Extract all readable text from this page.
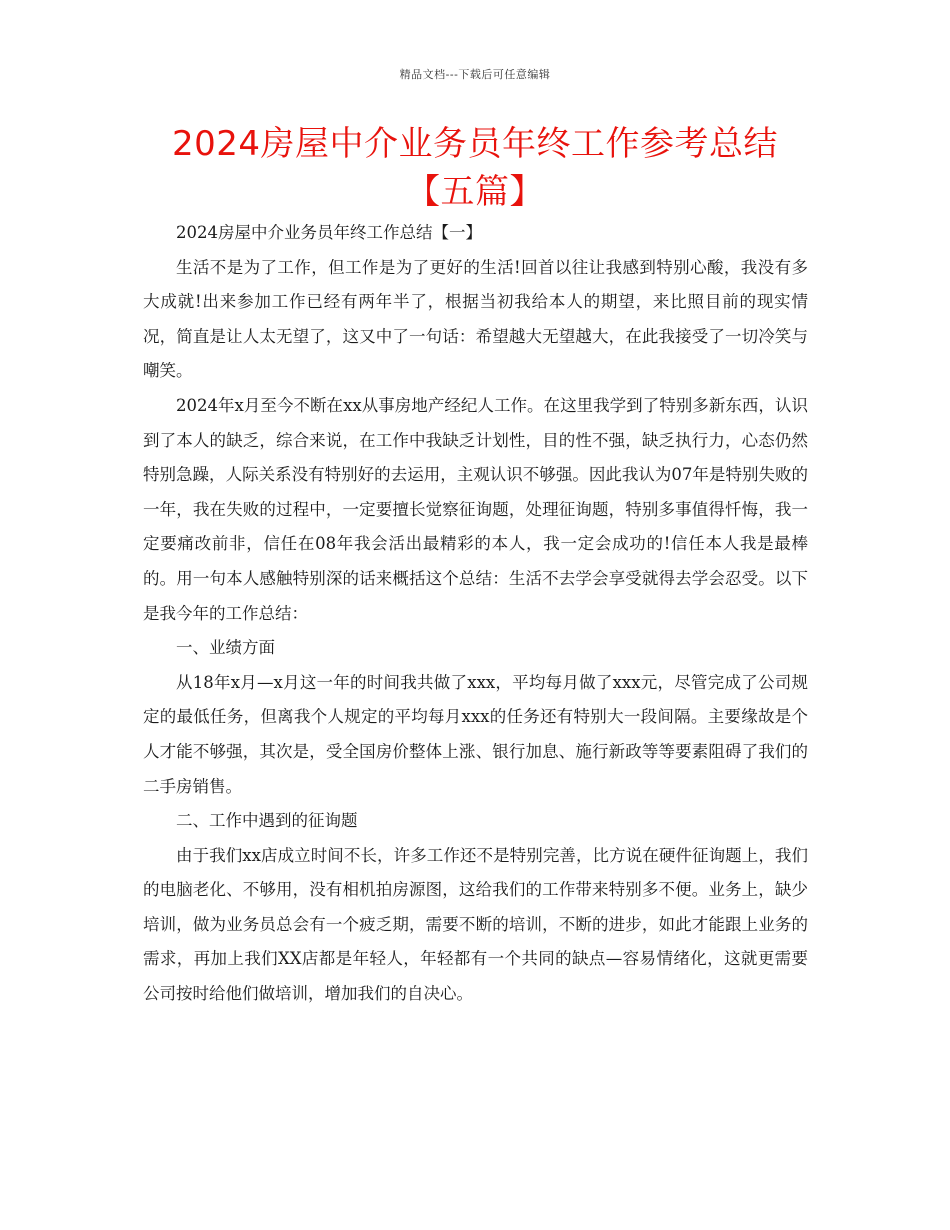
精品文档---下载后可任意编辑
2024房屋中介业务员年终工作参考总结【五篇】

2024房屋中介业务员年终工作总结【一】

生活不是为了工作，但工作是为了更好的生活!回首以往让我感到特别心酸，我没有多大成就!出来参加工作已经有两年半了，根据当初我给本人的期望，来比照目前的现实情况，简直是让人太无望了，这又中了一句话：希望越大无望越大，在此我接受了一切冷笑与嘲笑。

2024年x月至今不断在xx从事房地产经纪人工作。在这里我学到了特别多新东西，认识到了本人的缺乏，综合来说，在工作中我缺乏计划性，目的性不强，缺乏执行力，心态仍然特别急躁，人际关系没有特别好的去运用，主观认识不够强。因此我认为07年是特别失败的一年，我在失败的过程中，一定要擅长觉察征询题，处理征询题，特别多事值得忏悔，我一定要痛改前非，信任在08年我会活出最精彩的本人，我一定会成功的!信任本人我是最棒的。用一句本人感触特别深的话来概括这个总结：生活不去学会享受就得去学会忍受。以下是我今年的工作总结：

一、业绩方面

从18年x月—x月这一年的时间我共做了xxx，平均每月做了xxx元，尽管完成了公司规定的最低任务，但离我个人规定的平均每月xxx的任务还有特别大一段间隔。主要缘故是个人才能不够强，其次是，受全国房价整体上涨、银行加息、施行新政等等要素阻碍了我们的二手房销售。

二、工作中遇到的征询题

由于我们xx店成立时间不长，许多工作还不是特别完善，比方说在硬件征询题上，我们的电脑老化、不够用，没有相机拍房源图，这给我们的工作带来特别多不便。业务上，缺少培训，做为业务员总会有一个疲乏期，需要不断的培训，不断的进步，如此才能跟上业务的需求，再加上我们XX店都是年轻人，年轻都有一个共同的缺点—容易情绪化，这就更需要公司按时给他们做培训，增加我们的自决心。
